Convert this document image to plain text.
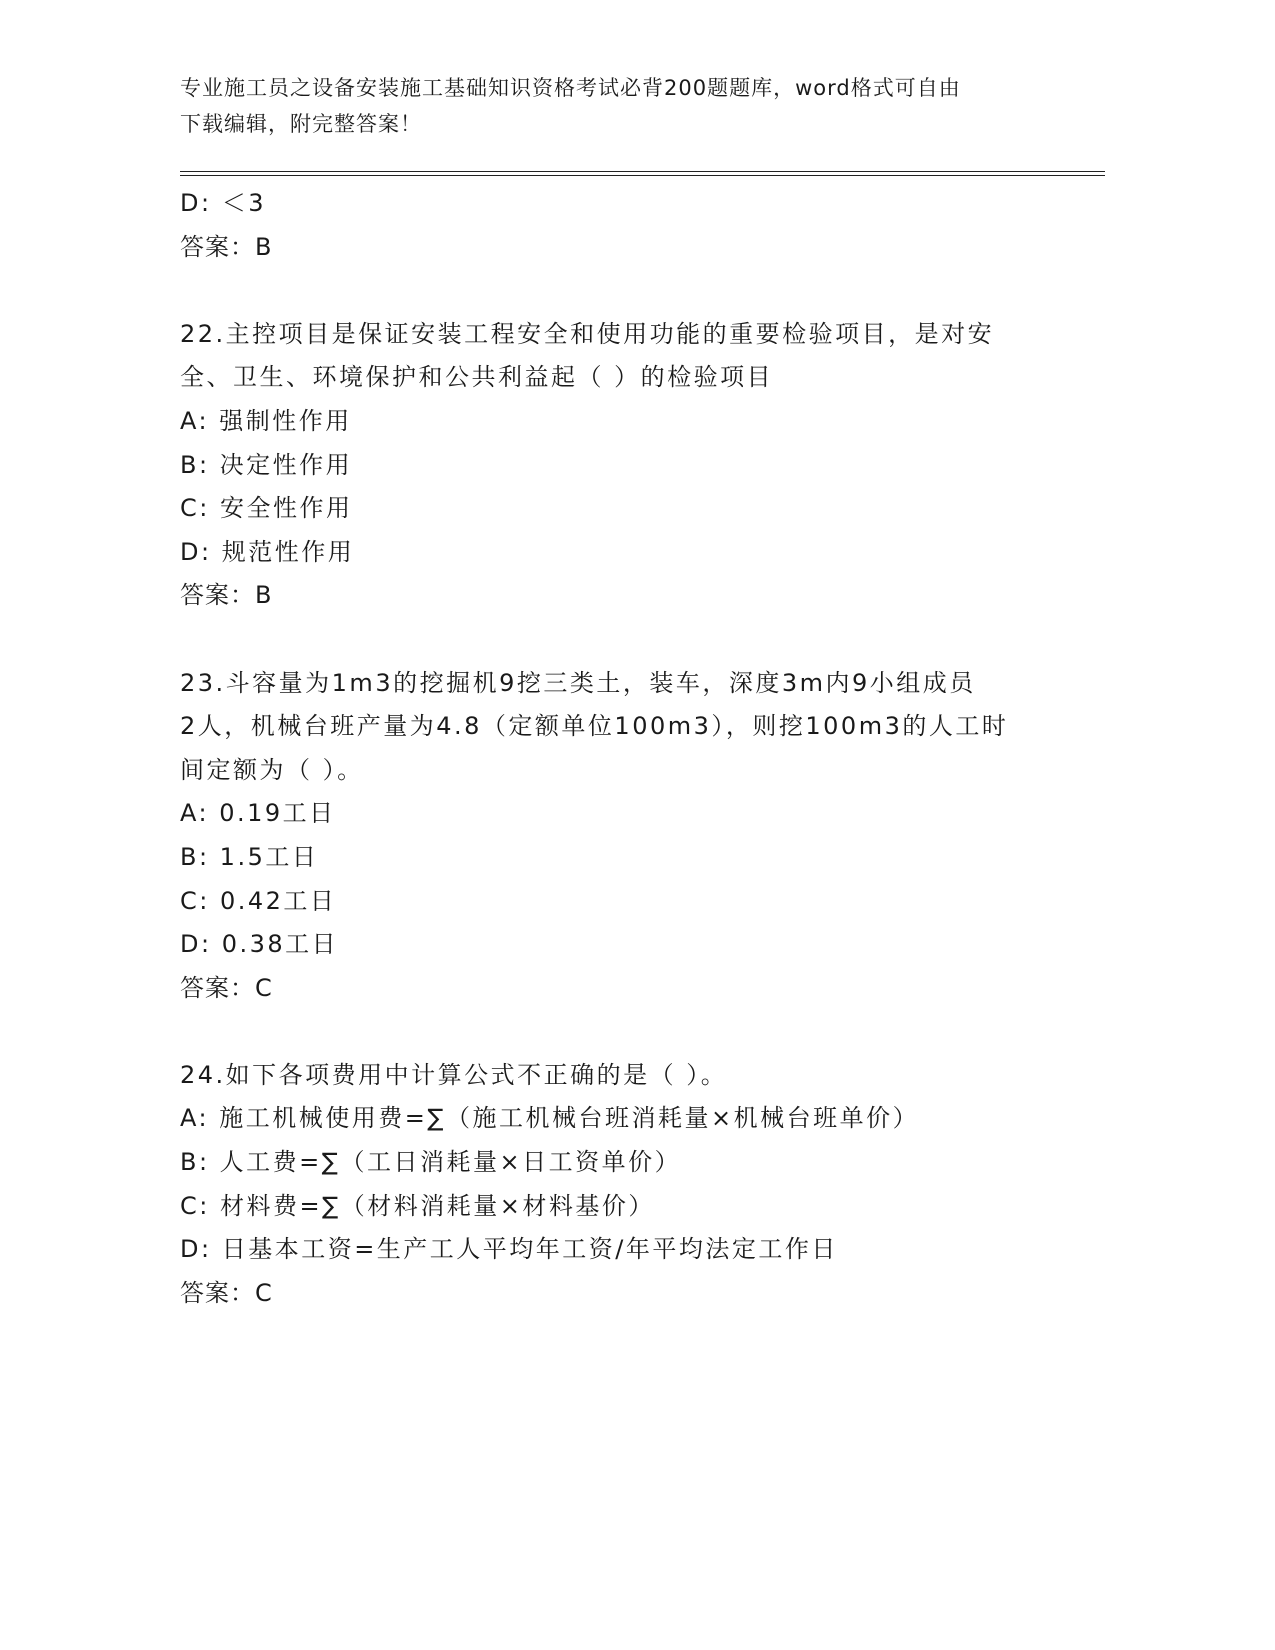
专业施工员之设备安装施工基础知识资格考试必背200题题库，word格式可自由
下载编辑，附完整答案！
D: ＜3
答案：B
22.主控项目是保证安装工程安全和使用功能的重要检验项目，是对安
全、卫生、环境保护和公共利益起（ ）的检验项目
A: 强制性作用
B: 决定性作用
C: 安全性作用
D: 规范性作用
答案：B
23.斗容量为1m3的挖掘机9挖三类土，装车，深度3m内9小组成员
2人，机械台班产量为4.8（定额单位100m3），则挖100m3的人工时
间定额为（ ）。
A: 0.19工日
B: 1.5工日
C: 0.42工日
D: 0.38工日
答案：C
24.如下各项费用中计算公式不正确的是（ ）。
A: 施工机械使用费=∑（施工机械台班消耗量×机械台班单价）
B: 人工费=∑（工日消耗量×日工资单价）
C: 材料费=∑（材料消耗量×材料基价）
D: 日基本工资=生产工人平均年工资/年平均法定工作日
答案：C
